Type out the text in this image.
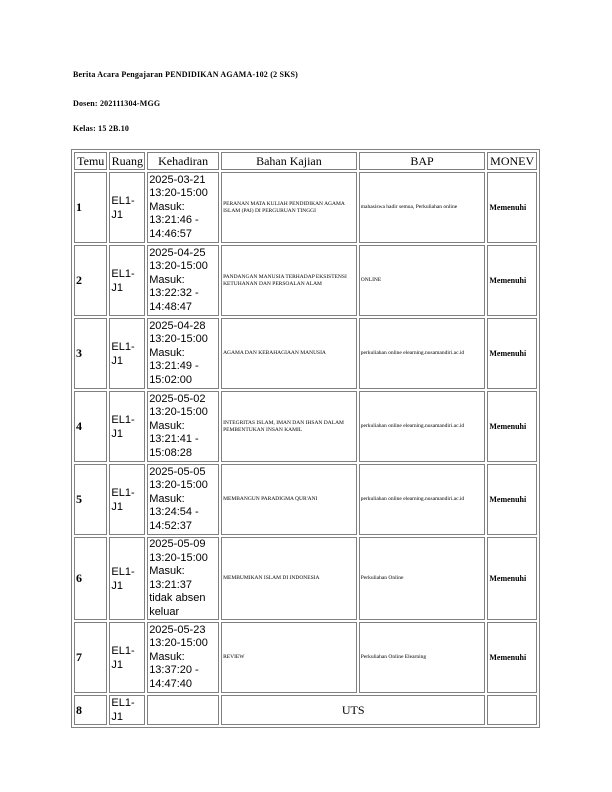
Berita Acara Pengajaran PENDIDIKAN AGAMA-102 (2 SKS)
Dosen: 202111304-MGG
Kelas: 15 2B.10
Temu	Ruang	Kehadiran	Bahan Kajian	BAP	MONEV
1	EL1-J1	2025-03-21
13:20-15:00
Masuk: 13:21:46 - 14:46:57	PERANAN MATA KULIAH PENDIDIKAN AGAMA ISLAM (PAI) DI PERGURUAN TINGGI	mahasiswa hadir semua, Perkuliahan online	Memenuhi
2	EL1-J1	2025-04-25
13:20-15:00
Masuk: 13:22:32 - 14:48:47	PANDANGAN MANUSIA TERHADAP EKSISTENSI KETUHANAN DAN PERSOALAN ALAM	ONLINE	Memenuhi
3	EL1-J1	2025-04-28
13:20-15:00
Masuk: 13:21:49 - 15:02:00	AGAMA DAN KEBAHAGIAAN MANUSIA	perkuliahan online elearning.nusamandiri.ac.id	Memenuhi
4	EL1-J1	2025-05-02
13:20-15:00
Masuk: 13:21:41 - 15:08:28	INTEGRITAS ISLAM, IMAN DAN IHSAN DALAM PEMBENTUKAN INSAN KAMIL	perkuliahan online elearning.nusamandiri.ac.id	Memenuhi
5	EL1-J1	2025-05-05
13:20-15:00
Masuk: 13:24:54 - 14:52:37	MEMBANGUN PARADIGMA QUR'ANI	perkuliahan online elearning.nusamandiri.ac.id	Memenuhi
6	EL1-J1	2025-05-09
13:20-15:00
Masuk: 13:21:37 tidak absen keluar	MEMBUMIKAN ISLAM DI INDONESIA	Perkuliahan Online	Memenuhi
7	EL1-J1	2025-05-23
13:20-15:00
Masuk: 13:37:20 - 14:47:40	REVIEW	Perkuliahan Online Elearning	Memenuhi
8	EL1-J1		UTS		
